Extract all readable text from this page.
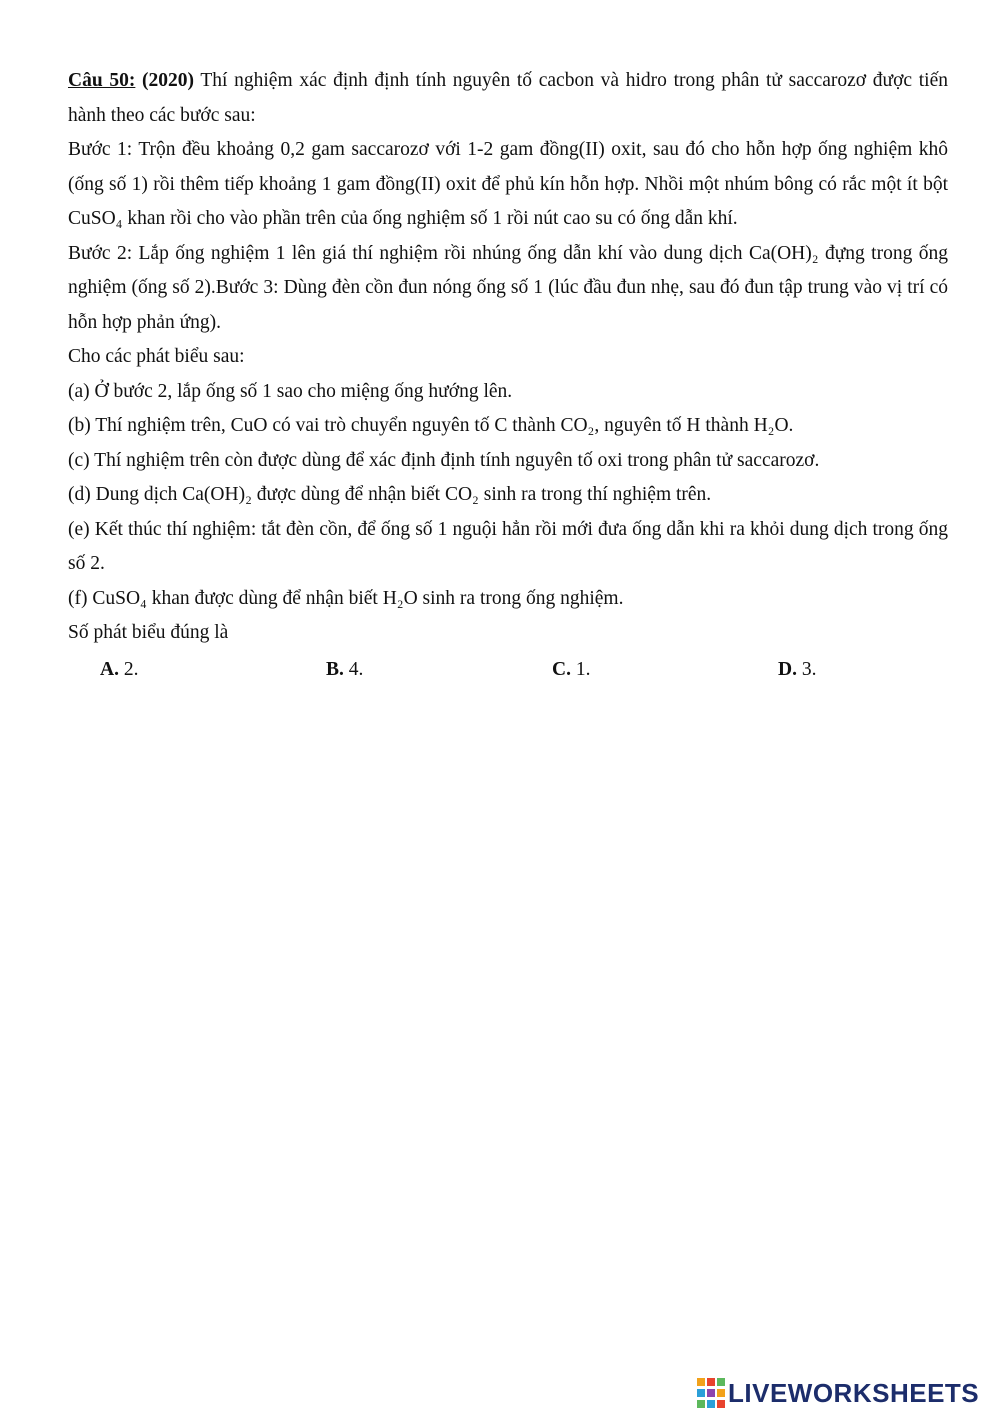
Câu 50: (2020) Thí nghiệm xác định định tính nguyên tố cacbon và hidro trong phân tử saccarozơ được tiến hành theo các bước sau:

Bước 1: Trộn đều khoảng 0,2 gam saccarozơ với 1-2 gam đồng(II) oxit, sau đó cho hỗn hợp ống nghiệm khô (ống số 1) rồi thêm tiếp khoảng 1 gam đồng(II) oxit để phủ kín hỗn hợp. Nhồi một nhúm bông có rắc một ít bột CuSO₄ khan rồi cho vào phần trên của ống nghiệm số 1 rồi nút cao su có ống dẫn khí.

Bước 2: Lắp ống nghiệm 1 lên giá thí nghiệm rồi nhúng ống dẫn khí vào dung dịch Ca(OH)₂ đựng trong ống nghiệm (ống số 2).Bước 3: Dùng đèn cồn đun nóng ống số 1 (lúc đầu đun nhẹ, sau đó đun tập trung vào vị trí có hỗn hợp phản ứng).

Cho các phát biểu sau:

(a) Ở bước 2, lắp ống số 1 sao cho miệng ống hướng lên.

(b) Thí nghiệm trên, CuO có vai trò chuyển nguyên tố C thành CO₂, nguyên tố H thành H₂O.

(c) Thí nghiệm trên còn được dùng để xác định định tính nguyên tố oxi trong phân tử saccarozơ.

(d) Dung dịch Ca(OH)₂ được dùng để nhận biết CO₂ sinh ra trong thí nghiệm trên.

(e) Kết thúc thí nghiệm: tắt đèn cồn, để ống số 1 nguội hẳn rồi mới đưa ống dẫn khi ra khỏi dung dịch trong ống số 2.

(f) CuSO₄ khan được dùng để nhận biết H₂O sinh ra trong ống nghiệm.

Số phát biểu đúng là

A. 2.	B. 4.	C. 1.	D. 3.
LIVEWORKSHEETS
